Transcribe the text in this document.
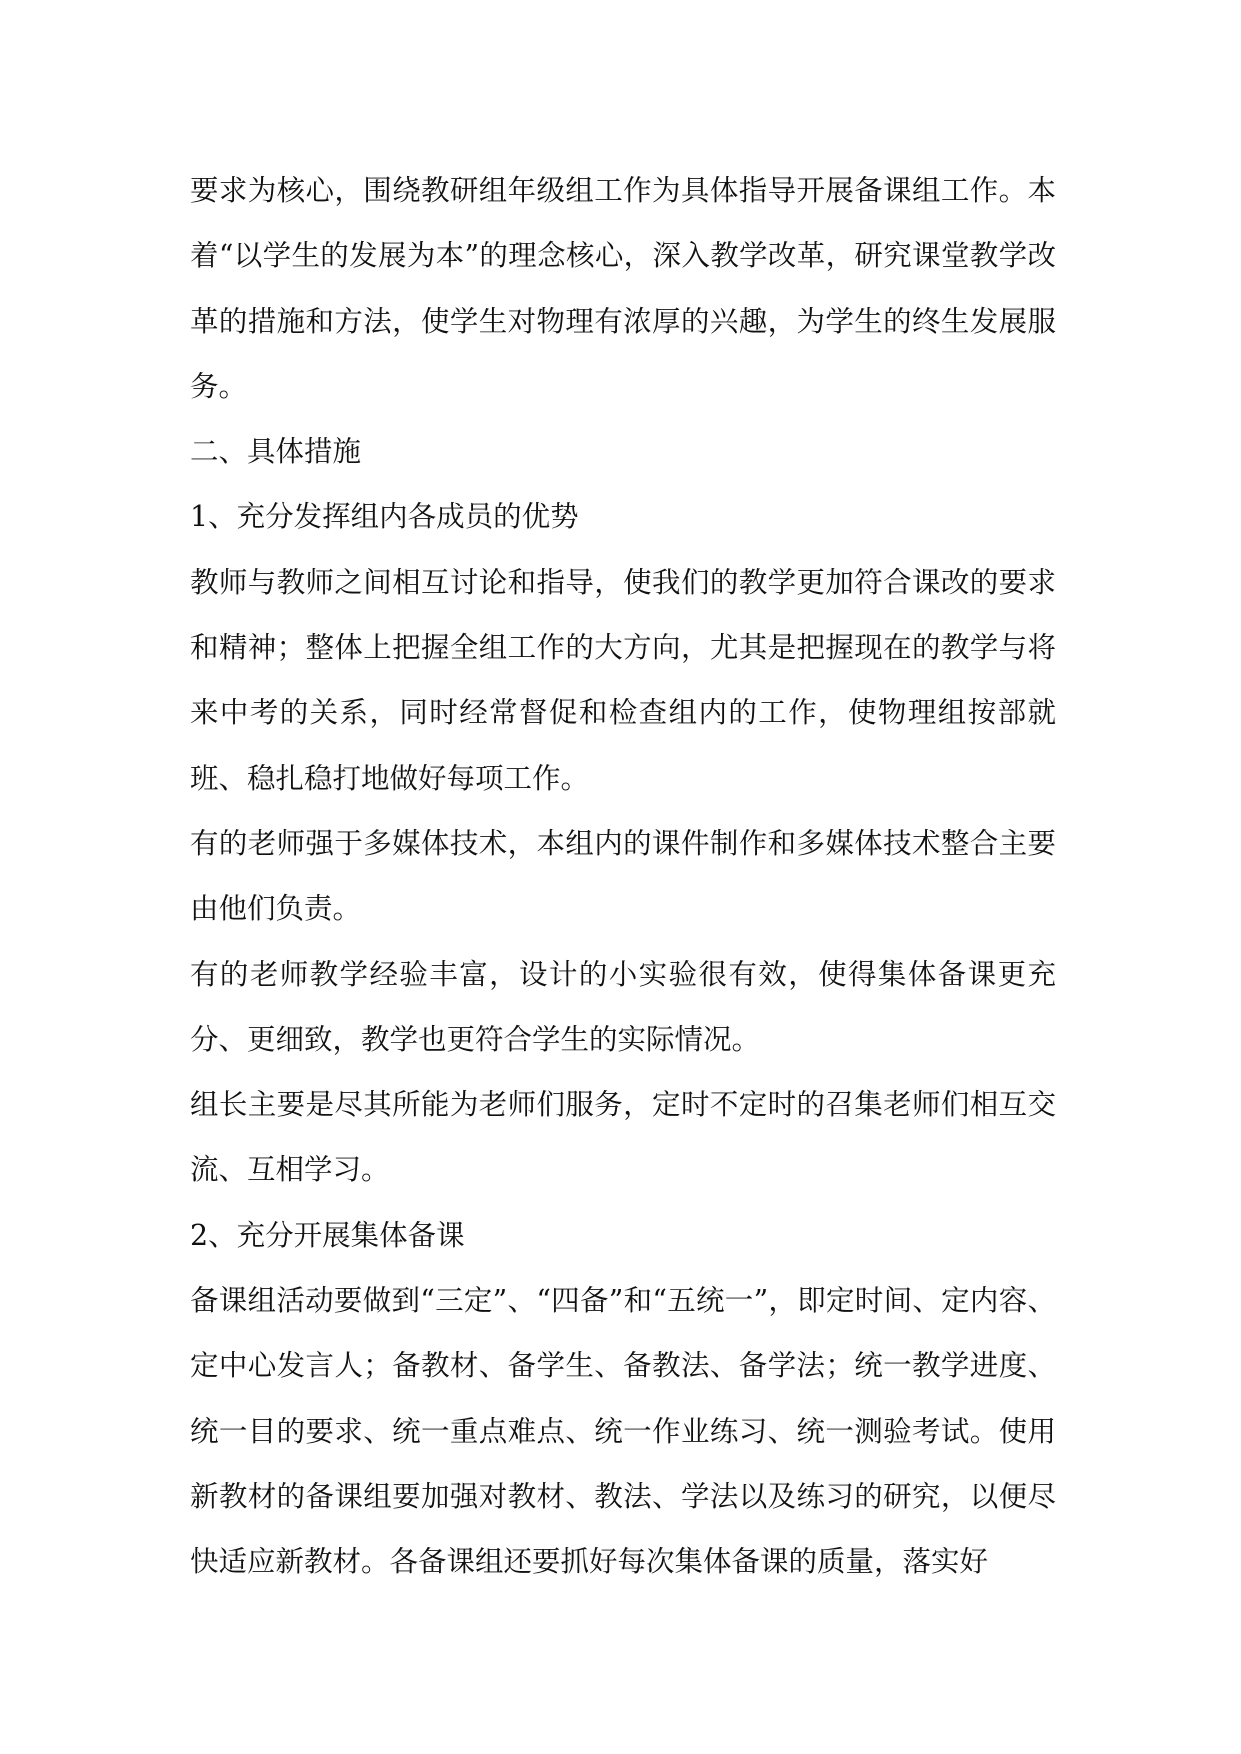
要求为核心，围绕教研组年级组工作为具体指导开展备课组工作。本着“以学生的发展为本”的理念核心，深入教学改革，研究课堂教学改革的措施和方法，使学生对物理有浓厚的兴趣，为学生的终生发展服务。

二、具体措施

1、充分发挥组内各成员的优势

教师与教师之间相互讨论和指导，使我们的教学更加符合课改的要求和精神；整体上把握全组工作的大方向，尤其是把握现在的教学与将来中考的关系，同时经常督促和检查组内的工作，使物理组按部就班、稳扎稳打地做好每项工作。

有的老师强于多媒体技术，本组内的课件制作和多媒体技术整合主要由他们负责。

有的老师教学经验丰富，设计的小实验很有效，使得集体备课更充分、更细致，教学也更符合学生的实际情况。

组长主要是尽其所能为老师们服务，定时不定时的召集老师们相互交流、互相学习。

2、充分开展集体备课

备课组活动要做到“三定”、“四备”和“五统一”，即定时间、定内容、定中心发言人；备教材、备学生、备教法、备学法；统一教学进度、统一目的要求、统一重点难点、统一作业练习、统一测验考试。使用新教材的备课组要加强对教材、教法、学法以及练习的研究，以便尽快适应新教材。各备课组还要抓好每次集体备课的质量，落实好
